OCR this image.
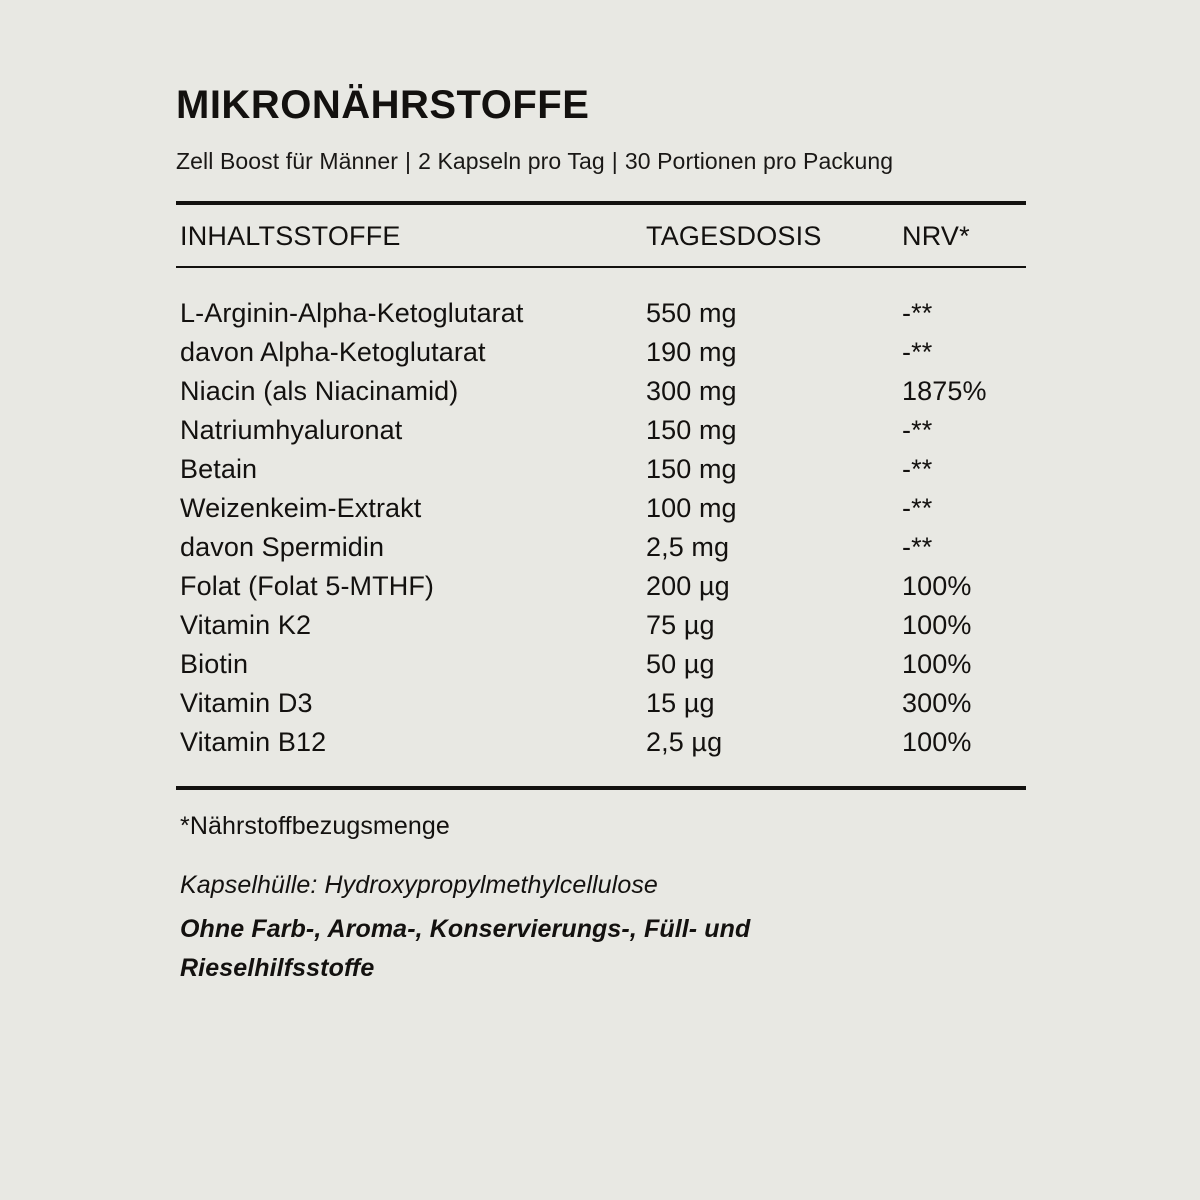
MIKRONÄHRSTOFFE

Zell Boost für Männer | 2 Kapseln pro Tag | 30 Portionen pro Packung

INHALTSSTOFFE	TAGESDOSIS	NRV*
L-Arginin-Alpha-Ketoglutarat	550 mg	-**
davon Alpha-Ketoglutarat	190 mg	-**
Niacin (als Niacinamid)	300 mg	1875%
Natriumhyaluronat	150 mg	-**
Betain	150 mg	-**
Weizenkeim-Extrakt	100 mg	-**
davon Spermidin	2,5 mg	-**
Folat (Folat 5-MTHF)	200 µg	100%
Vitamin K2	75 µg	100%
Biotin	50 µg	100%
Vitamin D3	15 µg	300%
Vitamin B12	2,5 µg	100%

*Nährstoffbezugsmenge

Kapselhülle: Hydroxypropylmethylcellulose

Ohne Farb-, Aroma-, Konservierungs-, Füll- und Rieselhilfsstoffe
